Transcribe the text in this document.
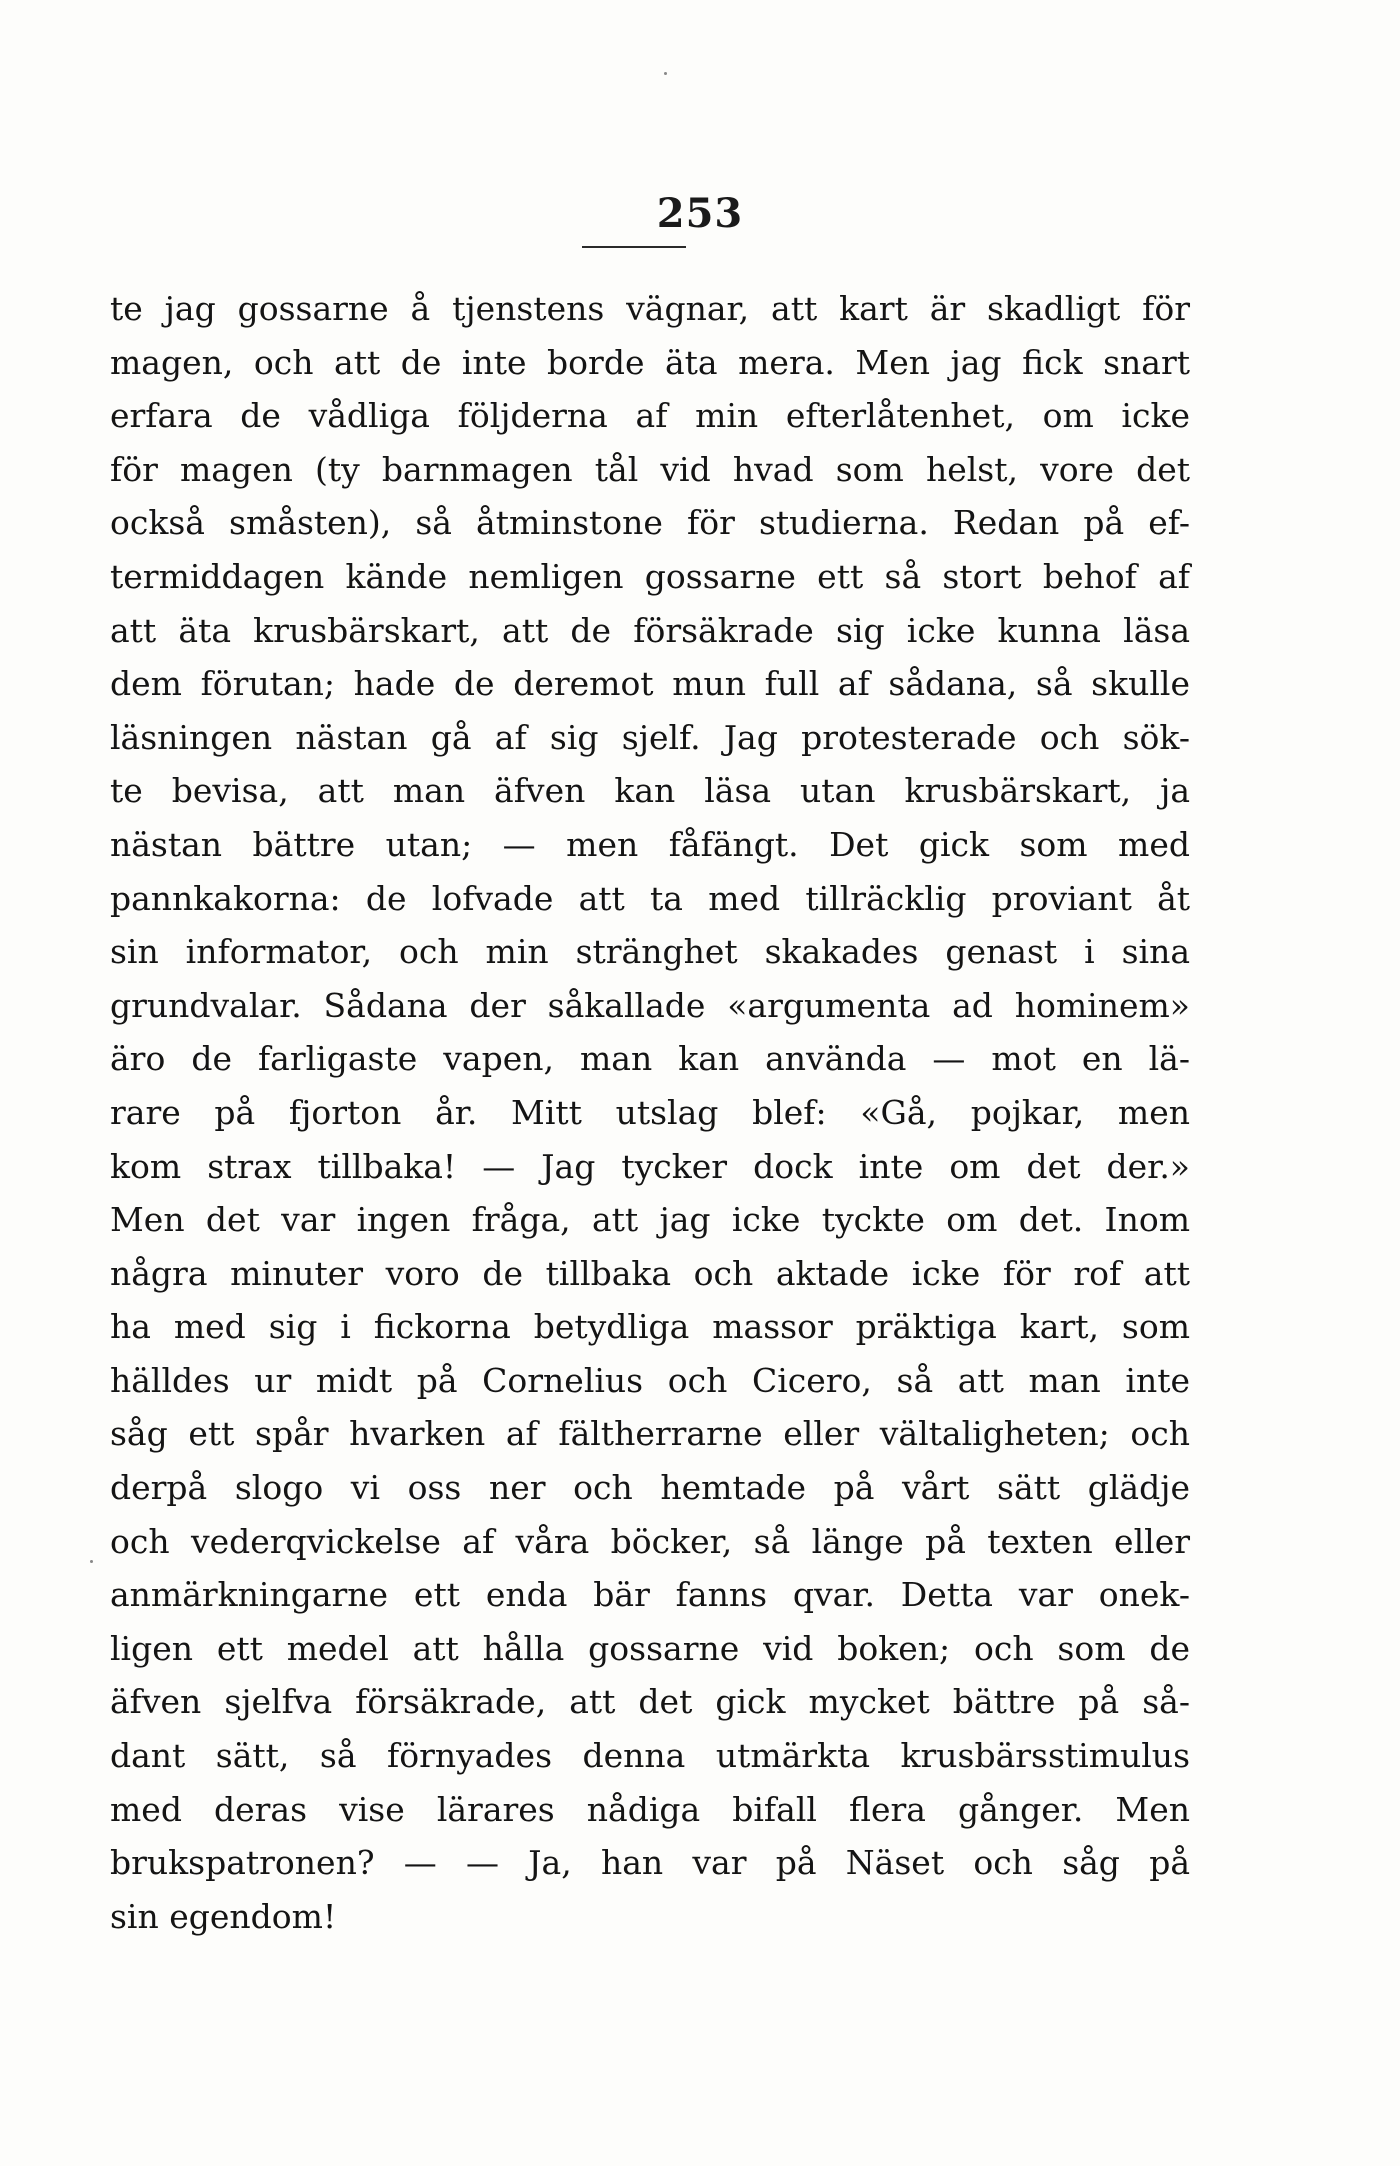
253
te jag gossarne å tjenstens vägnar, att kart är skadligt för
magen, och att de inte borde äta mera. Men jag fick snart
erfara de vådliga följderna af min efterlåtenhet, om icke
för magen (ty barnmagen tål vid hvad som helst, vore det
också småsten), så åtminstone för studierna. Redan på ef-
termiddagen kände nemligen gossarne ett så stort behof af
att äta krusbärskart, att de försäkrade sig icke kunna läsa
dem förutan; hade de deremot mun full af sådana, så skulle
läsningen nästan gå af sig sjelf. Jag protesterade och sök-
te bevisa, att man äfven kan läsa utan krusbärskart, ja
nästan bättre utan; — men fåfängt. Det gick som med
pannkakorna: de lofvade att ta med tillräcklig proviant åt
sin informator, och min stränghet skakades genast i sina
grundvalar. Sådana der såkallade «argumenta ad hominem»
äro de farligaste vapen, man kan använda — mot en lä-
rare på fjorton år. Mitt utslag blef: «Gå, pojkar, men
kom strax tillbaka! — Jag tycker dock inte om det der.»
Men det var ingen fråga, att jag icke tyckte om det. Inom
några minuter voro de tillbaka och aktade icke för rof att
ha med sig i fickorna betydliga massor präktiga kart, som
hälldes ur midt på Cornelius och Cicero, så att man inte
såg ett spår hvarken af fältherrarne eller vältaligheten; och
derpå slogo vi oss ner och hemtade på vårt sätt glädje
och vederqvickelse af våra böcker, så länge på texten eller
anmärkningarne ett enda bär fanns qvar. Detta var onek-
ligen ett medel att hålla gossarne vid boken; och som de
äfven sjelfva försäkrade, att det gick mycket bättre på så-
dant sätt, så förnyades denna utmärkta krusbärsstimulus
med deras vise lärares nådiga bifall flera gånger. Men
brukspatronen? — — Ja, han var på Näset och såg på
sin egendom!
